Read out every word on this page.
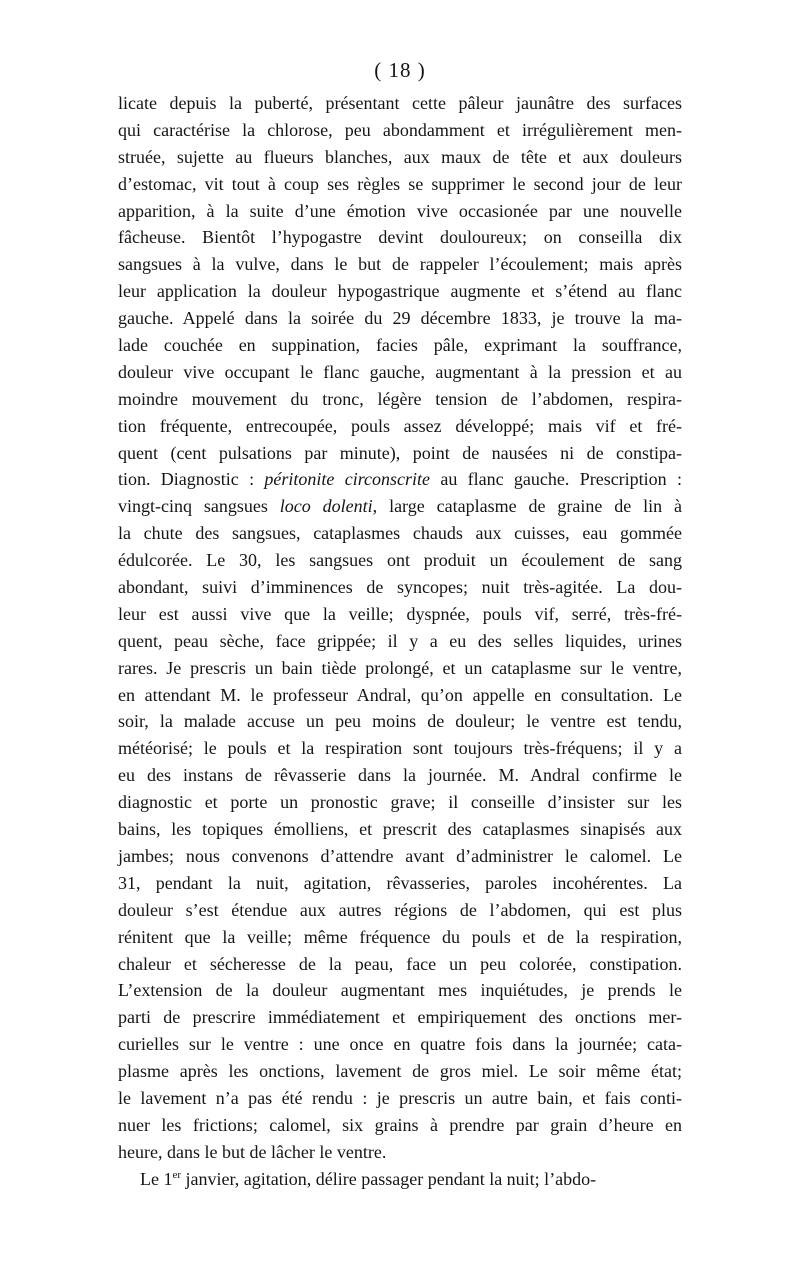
( 18 )
licate depuis la puberté, présentant cette pâleur jaunâtre des surfaces
qui caractérise la chlorose, peu abondamment et irrégulièrement men-
struée, sujette au flueurs blanches, aux maux de tête et aux douleurs
d’estomac, vit tout à coup ses règles se supprimer le second jour de leur
apparition, à la suite d’une émotion vive occasionée par une nouvelle
fâcheuse. Bientôt l’hypogastre devint douloureux; on conseilla dix
sangsues à la vulve, dans le but de rappeler l’écoulement; mais après
leur application la douleur hypogastrique augmente et s’étend au flanc
gauche. Appelé dans la soirée du 29 décembre 1833, je trouve la ma-
lade couchée en suppination, facies pâle, exprimant la souffrance,
douleur vive occupant le flanc gauche, augmentant à la pression et au
moindre mouvement du tronc, légère tension de l’abdomen, respira-
tion fréquente, entrecoupée, pouls assez développé; mais vif et fré-
quent (cent pulsations par minute), point de nausées ni de constipa-
tion. Diagnostic : péritonite circonscrite au flanc gauche. Prescription :
vingt-cinq sangsues loco dolenti, large cataplasme de graine de lin à
la chute des sangsues, cataplasmes chauds aux cuisses, eau gommée
édulcorée. Le 30, les sangsues ont produit un écoulement de sang
abondant, suivi d’imminences de syncopes; nuit très-agitée. La dou-
leur est aussi vive que la veille; dyspnée, pouls vif, serré, très-fré-
quent, peau sèche, face grippée; il y a eu des selles liquides, urines
rares. Je prescris un bain tiède prolongé, et un cataplasme sur le ventre,
en attendant M. le professeur Andral, qu’on appelle en consultation. Le
soir, la malade accuse un peu moins de douleur; le ventre est tendu,
météorisé; le pouls et la respiration sont toujours très-fréquens; il y a
eu des instans de rêvasserie dans la journée. M. Andral confirme le
diagnostic et porte un pronostic grave; il conseille d’insister sur les
bains, les topiques émolliens, et prescrit des cataplasmes sinapisés aux
jambes; nous convenons d’attendre avant d’administrer le calomel. Le
31, pendant la nuit, agitation, rêvasseries, paroles incohérentes. La
douleur s’est étendue aux autres régions de l’abdomen, qui est plus
rénitent que la veille; même fréquence du pouls et de la respiration,
chaleur et sécheresse de la peau, face un peu colorée, constipation.
L’extension de la douleur augmentant mes inquiétudes, je prends le
parti de prescrire immédiatement et empiriquement des onctions mer-
curielles sur le ventre : une once en quatre fois dans la journée; cata-
plasme après les onctions, lavement de gros miel. Le soir même état;
le lavement n’a pas été rendu : je prescris un autre bain, et fais conti-
nuer les frictions; calomel, six grains à prendre par grain d’heure en
heure, dans le but de lâcher le ventre.
Le 1er janvier, agitation, délire passager pendant la nuit; l’abdo-
